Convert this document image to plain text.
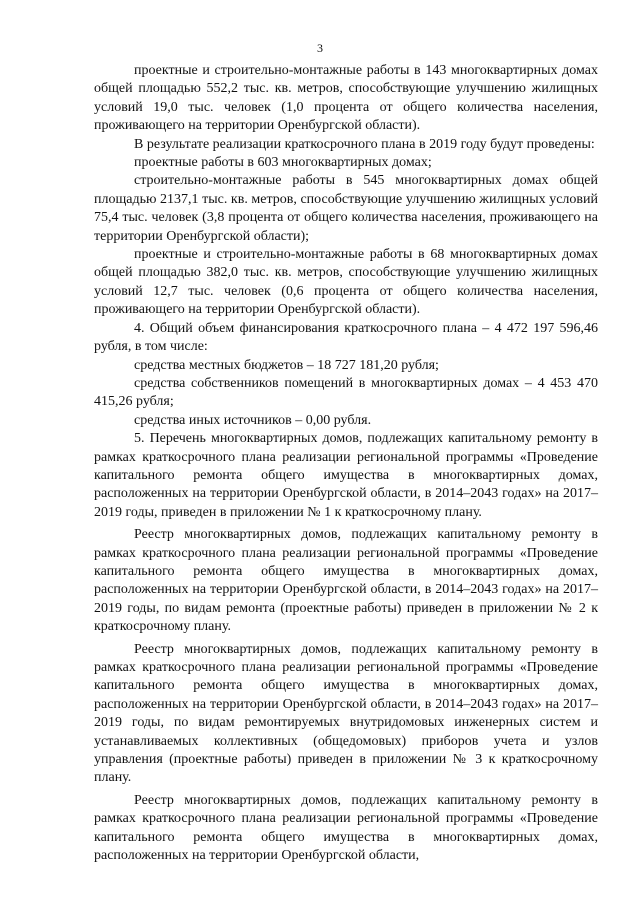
3

проектные и строительно-монтажные работы в 143 многоквартирных домах общей площадью 552,2 тыс. кв. метров, способствующие улучшению жилищных условий 19,0 тыс. человек (1,0 процента от общего количества населения, проживающего на территории Оренбургской области).

В результате реализации краткосрочного плана в 2019 году будут проведены:

проектные работы в 603 многоквартирных домах;

строительно-монтажные работы в 545 многоквартирных домах общей площадью 2137,1 тыс. кв. метров, способствующие улучшению жилищных условий 75,4 тыс. человек (3,8 процента от общего количества населения, проживающего на территории Оренбургской области);

проектные и строительно-монтажные работы в 68 многоквартирных домах общей площадью 382,0 тыс. кв. метров, способствующие улучшению жилищных условий 12,7 тыс. человек (0,6 процента от общего количества населения, проживающего на территории Оренбургской области).

4. Общий объем финансирования краткосрочного плана – 4 472 197 596,46 рубля, в том числе:

средства местных бюджетов – 18 727 181,20 рубля;

средства собственников помещений в многоквартирных домах – 4 453 470 415,26 рубля;

средства иных источников – 0,00 рубля.

5. Перечень многоквартирных домов, подлежащих капитальному ремонту в рамках краткосрочного плана реализации региональной программы «Проведение капитального ремонта общего имущества в многоквартирных домах, расположенных на территории Оренбургской области, в 2014–2043 годах» на 2017–2019 годы, приведен в приложении № 1 к краткосрочному плану.

Реестр многоквартирных домов, подлежащих капитальному ремонту в рамках краткосрочного плана реализации региональной программы «Проведение капитального ремонта общего имущества в многоквартирных домах, расположенных на территории Оренбургской области, в 2014–2043 годах» на 2017–2019 годы, по видам ремонта (проектные работы) приведен в приложении № 2 к краткосрочному плану.

Реестр многоквартирных домов, подлежащих капитальному ремонту в рамках краткосрочного плана реализации региональной программы «Проведение капитального ремонта общего имущества в многоквартирных домах, расположенных на территории Оренбургской области, в 2014–2043 годах» на 2017–2019 годы, по видам ремонтируемых внутридомовых инженерных систем и устанавливаемых коллективных (общедомовых) приборов учета и узлов управления (проектные работы) приведен в приложении № 3 к краткосрочному плану.

Реестр многоквартирных домов, подлежащих капитальному ремонту в рамках краткосрочного плана реализации региональной программы «Проведение капитального ремонта общего имущества в многоквартирных домах, расположенных на территории Оренбургской области,
